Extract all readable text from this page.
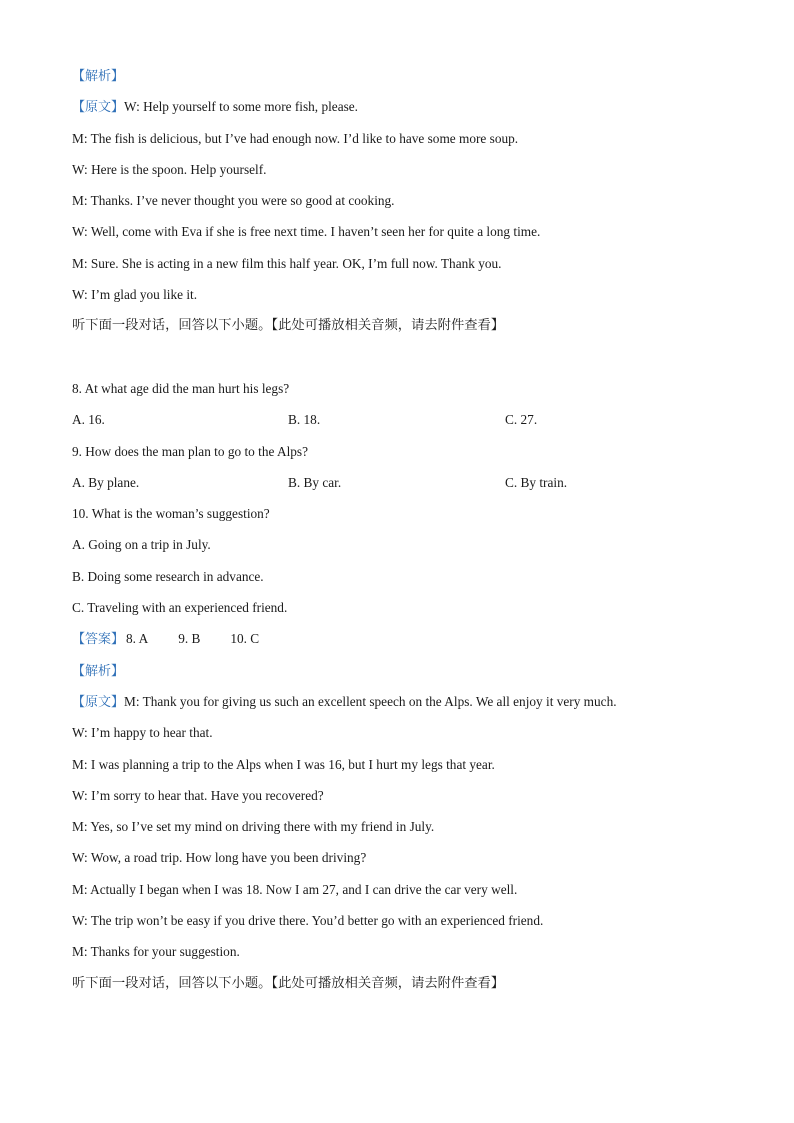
【解析】
【原文】W: Help yourself to some more fish, please.
M: The fish is delicious, but I’ve had enough now. I’d like to have some more soup.
W: Here is the spoon. Help yourself.
M: Thanks. I’ve never thought you were so good at cooking.
W: Well, come with Eva if she is free next time. I haven’t seen her for quite a long time.
M: Sure. She is acting in a new film this half year. OK, I’m full now. Thank you.
W: I’m glad you like it.
听下面一段对话，回答以下小题。【此处可播放相关音频，请去附件查看】
8. At what age did the man hurt his legs?
A. 16.	B. 18.	C. 27.
9. How does the man plan to go to the Alps?
A. By plane.	B. By car.	C. By train.
10. What is the woman’s suggestion?
A. Going on a trip in July.
B. Doing some research in advance.
C. Traveling with an experienced friend.
【答案】 8. A 9. B 10. C
【解析】
【原文】M: Thank you for giving us such an excellent speech on the Alps. We all enjoy it very much.
W: I’m happy to hear that.
M: I was planning a trip to the Alps when I was 16, but I hurt my legs that year.
W: I’m sorry to hear that. Have you recovered?
M: Yes, so I’ve set my mind on driving there with my friend in July.
W: Wow, a road trip. How long have you been driving?
M: Actually I began when I was 18. Now I am 27, and I can drive the car very well.
W: The trip won’t be easy if you drive there. You’d better go with an experienced friend.
M: Thanks for your suggestion.
听下面一段对话，回答以下小题。【此处可播放相关音频，请去附件查看】
